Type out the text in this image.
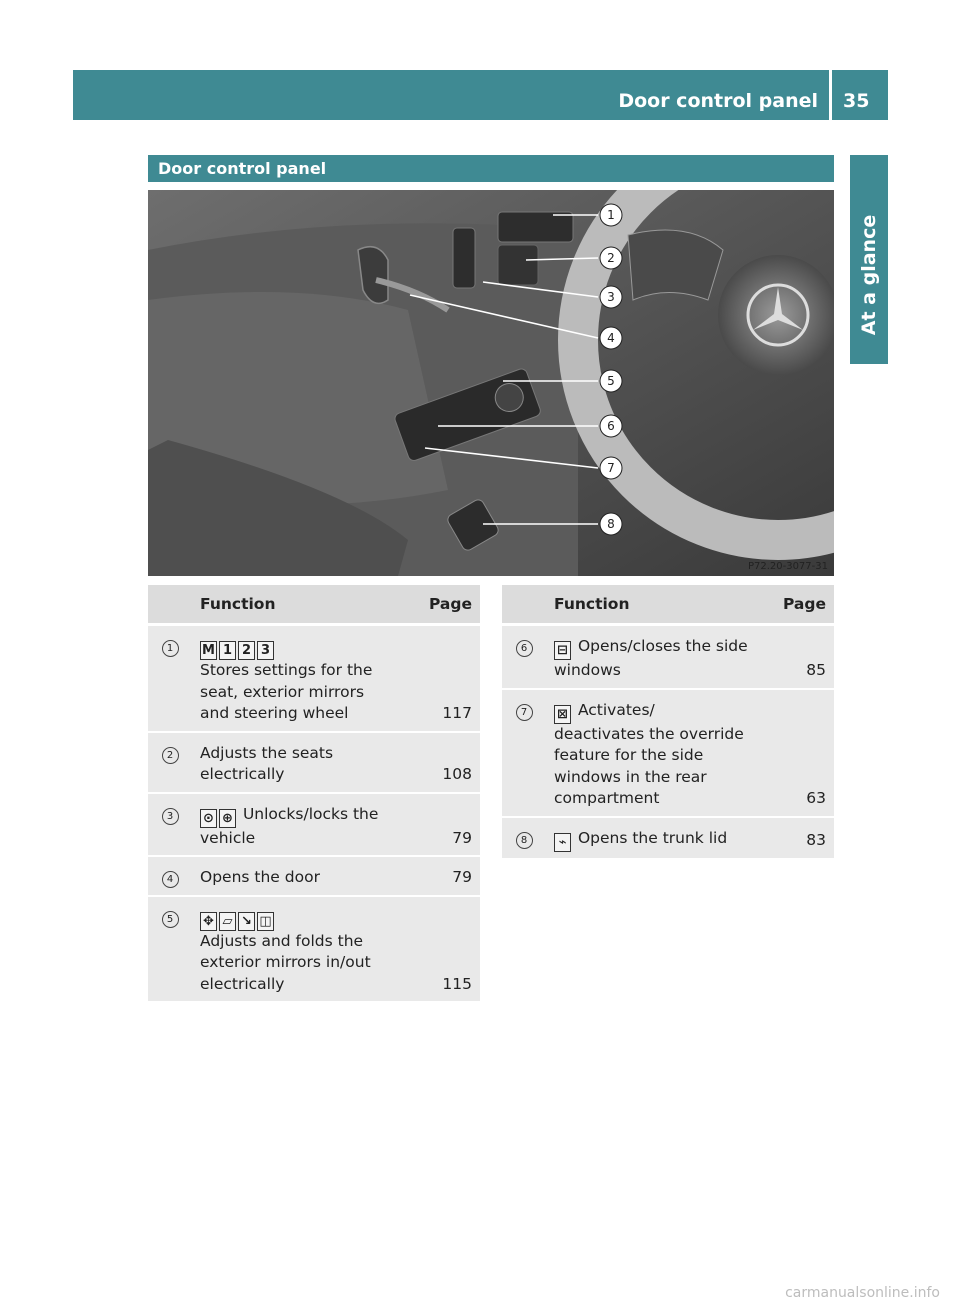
Door control panel 35
At a glance
Door control panel
1
2
3
4
5
6
7
8
P72.20-3077-31
	Function	Page
1	M 1 2 3
Stores settings for the seat, exterior mirrors and steering wheel	117
2	Adjusts the seats electrically	108
3	⊙ ⊕ Unlocks/locks the vehicle	79
4	Opens the door	79
5	✥ ▱ ↘ ◫
Adjusts and folds the exterior mirrors in/out electrically	115
	Function	Page
6	⊟ Opens/closes the side windows	85
7	⊠ Activates/ deactivates the override feature for the side windows in the rear compartment	63
8	⌁ Opens the trunk lid	83
carmanualsonline.info
